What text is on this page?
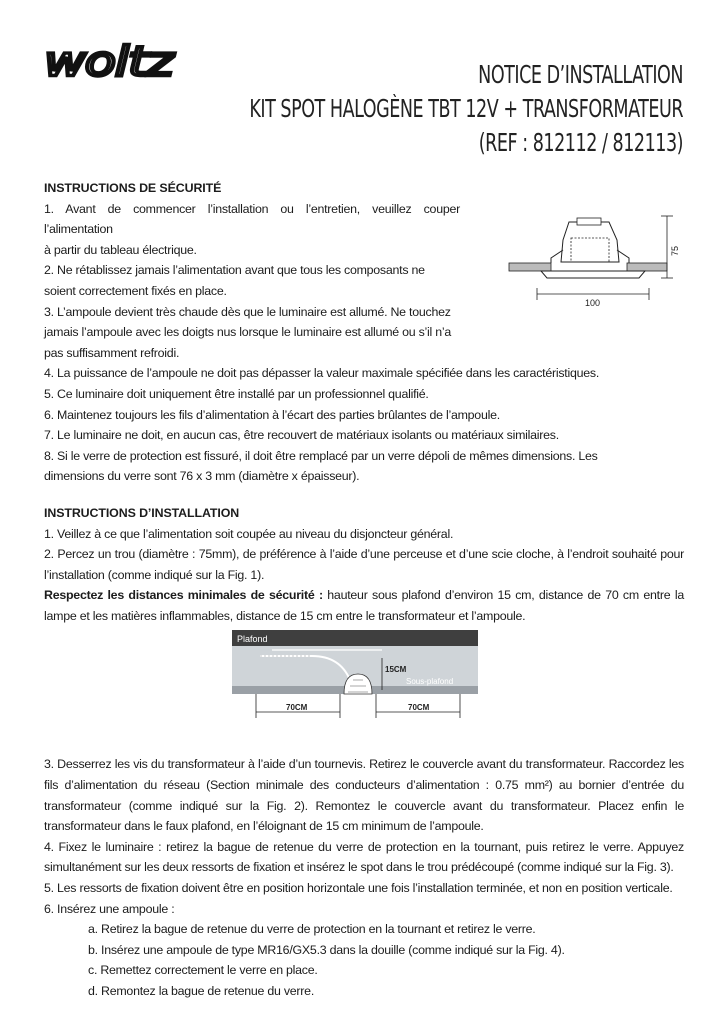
woltz	NOTICE D’INSTALLATION
KIT SPOT HALOGÈNE TBT 12V + TRANSFORMATEUR
(REF : 812112 / 812113)
100
75

INSTRUCTIONS DE SÉCURITÉ

1. Avant de commencer l’installation ou l’entretien, veuillez couper l’alimentation

à partir du tableau électrique.

2. Ne rétablissez jamais l’alimentation avant que tous les composants ne

soient correctement fixés en place.

3. L’ampoule devient très chaude dès que le luminaire est allumé. Ne touchez

jamais l’ampoule avec les doigts nus lorsque le luminaire est allumé ou s’il n’a

pas suffisamment refroidi.

4. La puissance de l’ampoule ne doit pas dépasser la valeur maximale spécifiée dans les caractéristiques.

5. Ce luminaire doit uniquement être installé par un professionnel qualifié.

6. Maintenez toujours les fils d’alimentation à l’écart des parties brûlantes de l’ampoule.

7. Le luminaire ne doit, en aucun cas, être recouvert de matériaux isolants ou matériaux similaires.

8. Si le verre de protection est fissuré, il doit être remplacé par un verre dépoli de mêmes dimensions. Les

dimensions du verre sont 76 x 3 mm (diamètre x épaisseur).

INSTRUCTIONS D’INSTALLATION

1. Veillez à ce que l’alimentation soit coupée au niveau du disjoncteur général.

2. Percez un trou (diamètre : 75mm), de préférence à l’aide d’une perceuse et d’une scie cloche, à l’endroit souhaité pour l’installation (comme indiqué sur la Fig. 1).

Respectez les distances minimales de sécurité : hauteur sous plafond d’environ 15 cm, distance de 70 cm entre la lampe et les matières inflammables, distance de 15 cm entre le transformateur et l’ampoule.

3. Desserrez les vis du transformateur à l’aide d’un tournevis. Retirez le couvercle avant du transformateur. Raccordez les fils d’alimentation du réseau (Section minimale des conducteurs d’alimentation : 0.75 mm²) au bornier d’entrée du transformateur (comme indiqué sur la Fig. 2). Remontez le couvercle avant du transformateur. Placez enfin le transformateur dans le faux plafond, en l’éloignant de 15 cm minimum de l’ampoule.

4. Fixez le luminaire : retirez la bague de retenue du verre de protection en la tournant, puis retirez le verre. Appuyez simultanément sur les deux ressorts de fixation et insérez le spot dans le trou prédécoupé (comme indiqué sur la Fig. 3).

5. Les ressorts de fixation doivent être en position horizontale une fois l’installation terminée, et non en position verticale.

6. Insérez une ampoule :

a. Retirez la bague de retenue du verre de protection en la tournant et retirez le verre.

b. Insérez une ampoule de type MR16/GX5.3 dans la douille (comme indiqué sur la Fig. 4).

c. Remettez correctement le verre en place.

d. Remontez la bague de retenue du verre.

Plafond
Sous-plafond
15CM
70CM	70CM
